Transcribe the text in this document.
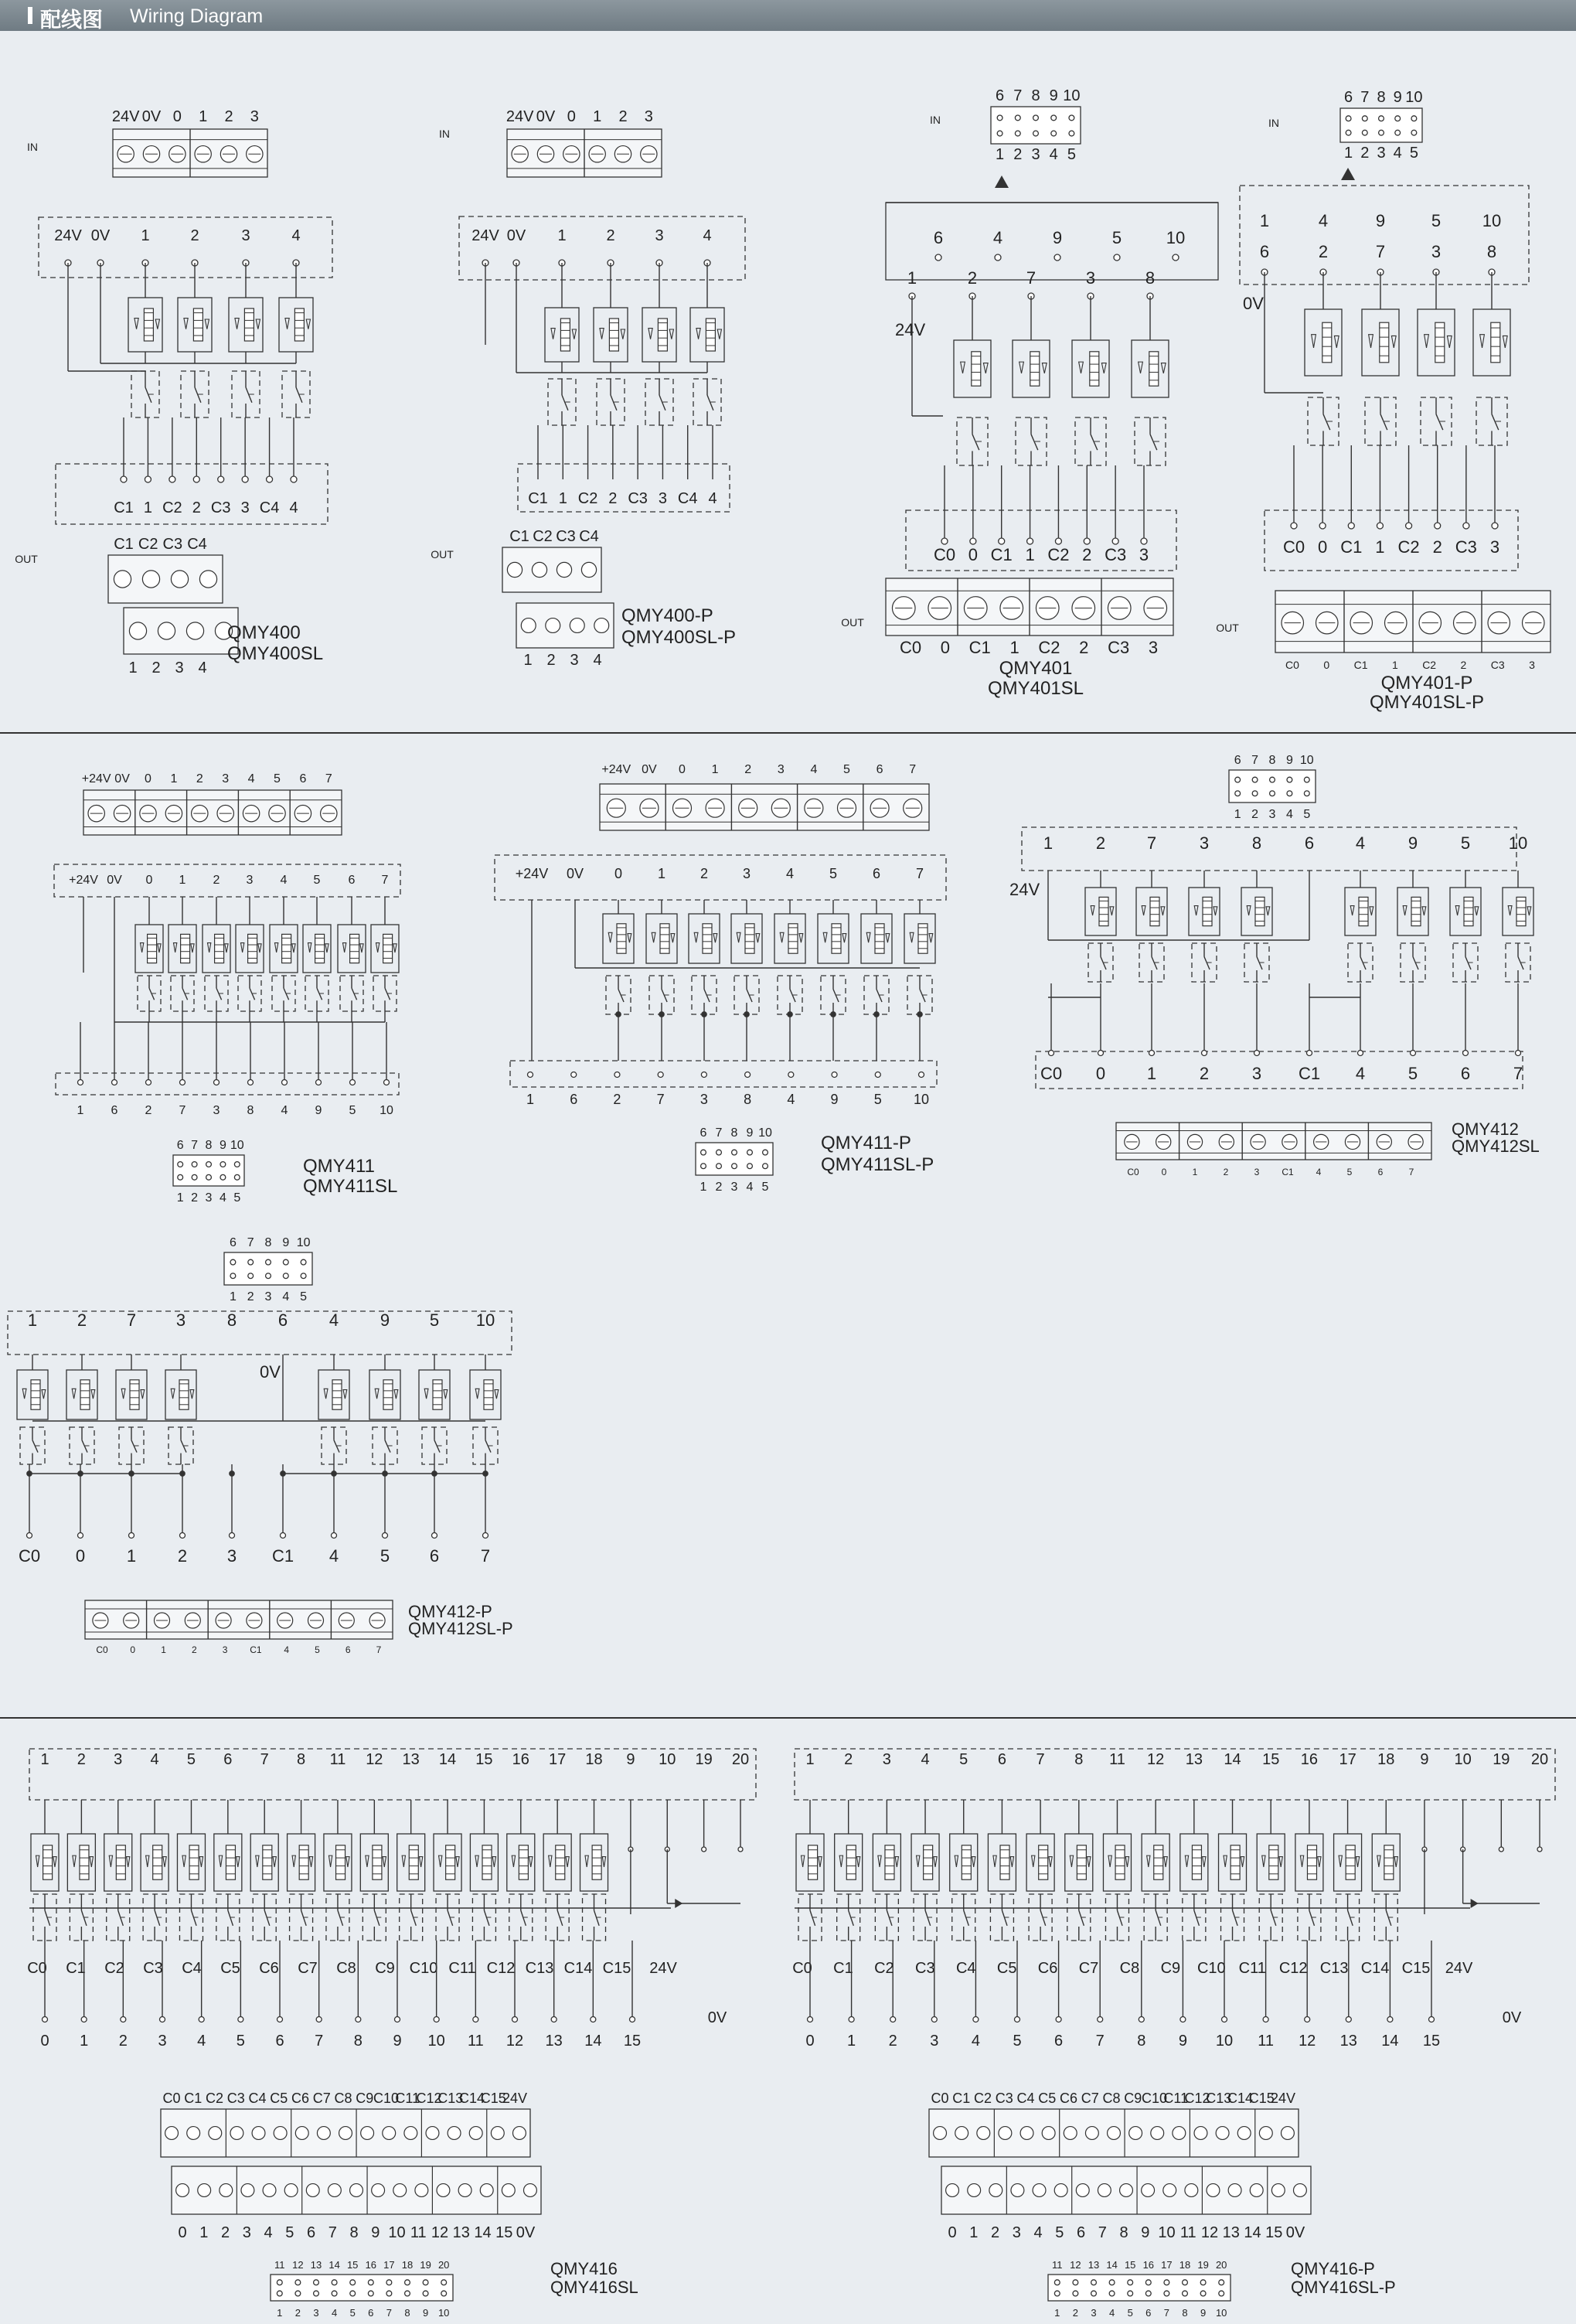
配线图 Wiring Diagram
IN
24V 0V 0 1 2 3
24V 0V 1	2	3	4
C1 1 C2 2 C3 3 C4 4
OUT
C1 C2 C3 C4
1 2 3 4
QMY400
QMY400SL
IN
24V 0V 0 1 2 3
24V 0V 1	2	3	4
C1 1 C2 2 C3 3 C4 4
OUT
C1 C2 C3 C4
1 2 3 4
QMY400-P
QMY400SL-P
IN
6 7 8 9 10
1 2 3 4 5
6	4	9	5	10
1	2	7	3	8
24V
C0 0 C1 1 C2 2 C3 3
OUT
C0 0 C1 1 C2 2 C3 3
QMY401
QMY401SL
IN
6 7 8 9 10
1 2 3 4 5
1	4	9	5 10
6	2	7	3	8
0V
C0 0 C1 1 C2 2 C3 3
OUT
C0 0 C1 1 C2 2 C3 3
QMY401-P
QMY401SL-P
+24V 0V 0 1 2 3 4 5 6 7
+24V 0V 0 1 2 3 4 5 6 7
1 6 2 7 3 8 4 9 5 10
6 7 8 9 10
1 2 3 4 5
QMY411
QMY411SL
+24V 0V 0 1 2 3 4 5 6 7
+24V 0V 0	1 2 3	4	5	6	7
1	6	2	7	3	8	4	9	5 10
6 7 8 9 10
1 2 3 4 5
QMY411-P
QMY411SL-P
6 7 8 9 10
1 2 3 4 5
1	2 7	3	8	6 4	9	5 10
24V
C0 0 1	2	3 C1 4	5	6	7
C0 0	1	2	3 C1 4	5	6	7
QMY412
QMY412SL
6 7 8 9 10
1 2 3 4 5
1 2 7 3 8 6 4 9 5 10
0V
C0 0 1 2 3 C1 4 5 6 7
C0 0	1	2	3 C1 4	5	6	7
QMY412-P
QMY412SL-P
1 2 3 4 5 6 7 8 11 12 13 14 15 16 17 18 9 10 19 20
C0 C1 C2 C3 C4 C5 C6 C7 C8 C9 C10 C11 C12 C13 C14 C15 24V
0 1 2 3 4 5 6 7 8 9 10 11 12 13 14 15
0V
C0 C1 C2 C3 C4 C5 C6 C7 C8 C9 C10
C11
C12
C13
C14
C15
24V
0 1 2 3 4 5 6 7 8 9 10 11 12 13 14 15 0V
11 12 13 14 15 16 17 18 19 20
1 2 3 4 5 6 7 8 9 10
QMY416
QMY416SL
1 2 3 4 5 6 7 8 11 12 13 14 15 16 17 18 9 10 19 20
C0 C1 C2 C3 C4 C5 C6 C7 C8 C9 C10 C11 C12 C13 C14 C15 24V
0 1 2 3 4 5 6 7 8 9 10 11 12 13 14 15
0V
C0 C1 C2 C3 C4 C5 C6 C7 C8 C9 C10
C11
C12
C13
C14
C15
24V
0 1 2 3 4 5 6 7 8 9 10 11 12 13 14 15 0V
11 12 13 14 15 16 17 18 19 20
1 2 3 4 5 6 7 8 9 10
QMY416-P
QMY416SL-P
